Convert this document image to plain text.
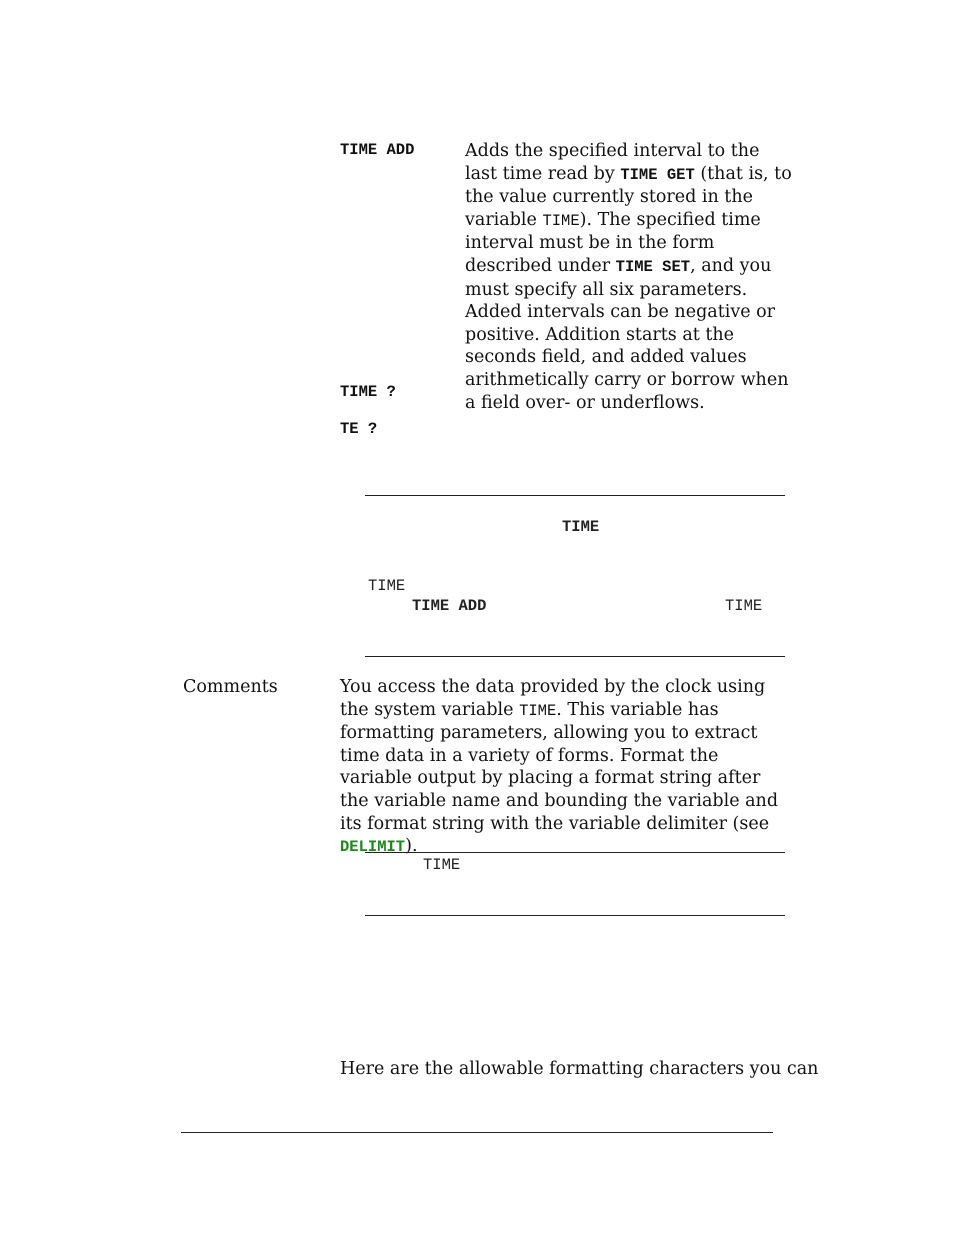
TIME ADD	Adds the specified interval to the last time read by TIME GET (that is, to the value currently stored in the variable TIME). The specified time interval must be in the form described under TIME SET, and you must specify all six parameters. Added intervals can be negative or positive. Addition starts at the seconds field, and added values arithmetically carry or borrow when a field over- or underflows.
TIME ?
TE ?
TIME
TIME
TIME ADD	TIME
Comments	You access the data provided by the clock using the system variable TIME. This variable has formatting parameters, allowing you to extract time data in a variety of forms. Format the variable output by placing a format string after the variable name and bounding the variable and its format string with the variable delimiter (see DELIMIT).
TIME
Here are the allowable formatting characters you can
